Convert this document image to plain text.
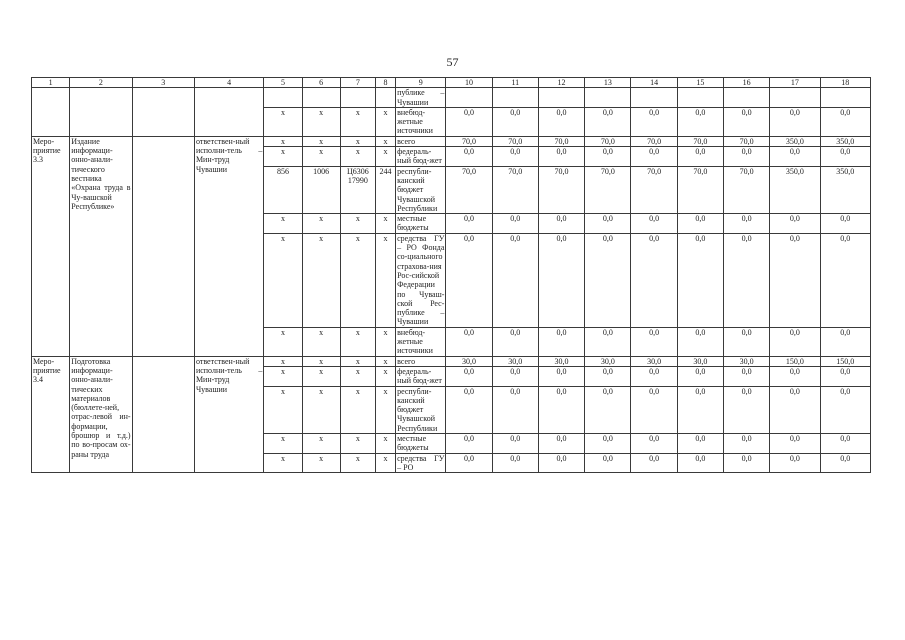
57
1	2	3	4	5	6	7	8	9	10	11	12	13	14	15	16	17	18
								публике – Чувашии									
				x	x	x	x	внебюд-жетные источники	0,0	0,0	0,0	0,0	0,0	0,0	0,0	0,0	0,0
Меро-приятие 3.3	Издание информаци-онно-анали-тического вестника «Охрана труда в Чу-вашской Республике»		ответствен-ный исполни-тель – Мин-труд Чувашии	x	x	x	x	всего	70,0	70,0	70,0	70,0	70,0	70,0	70,0	350,0	350,0
				x	x	x	x	федераль-ный бюд-жет	0,0	0,0	0,0	0,0	0,0	0,0	0,0	0,0	0,0
				856	1006	Ц6306 17990	244	республи-канский бюджет Чувашской Республики	70,0	70,0	70,0	70,0	70,0	70,0	70,0	350,0	350,0
				x	x	x	x	местные бюджеты	0,0	0,0	0,0	0,0	0,0	0,0	0,0	0,0	0,0
				x	x	x	x	средства ГУ – РО Фонда со-циального страхова-ния Рос-сийской Федерации по Чуваш-ской Рес-публике – Чувашии	0,0	0,0	0,0	0,0	0,0	0,0	0,0	0,0	0,0
				x	x	x	x	внебюд-жетные источники	0,0	0,0	0,0	0,0	0,0	0,0	0,0	0,0	0,0
Меро-приятие 3.4	Подготовка информаци-онно-анали-тических материалов (бюллете-ней, отрас-левой ин-формации, брошюр и т.д.) по во-просам ох-раны труда		ответствен-ный исполни-тель – Мин-труд Чувашии	x	x	x	x	всего	30,0	30,0	30,0	30,0	30,0	30,0	30,0	150,0	150,0
				x	x	x	x	федераль-ный бюд-жет	0,0	0,0	0,0	0,0	0,0	0,0	0,0	0,0	0,0
				x	x	x	x	республи-канский бюджет Чувашской Республики	0,0	0,0	0,0	0,0	0,0	0,0	0,0	0,0	0,0
				x	x	x	x	местные бюджеты	0,0	0,0	0,0	0,0	0,0	0,0	0,0	0,0	0,0
				x	x	x	x	средства ГУ – РО	0,0	0,0	0,0	0,0	0,0	0,0	0,0	0,0	0,0
